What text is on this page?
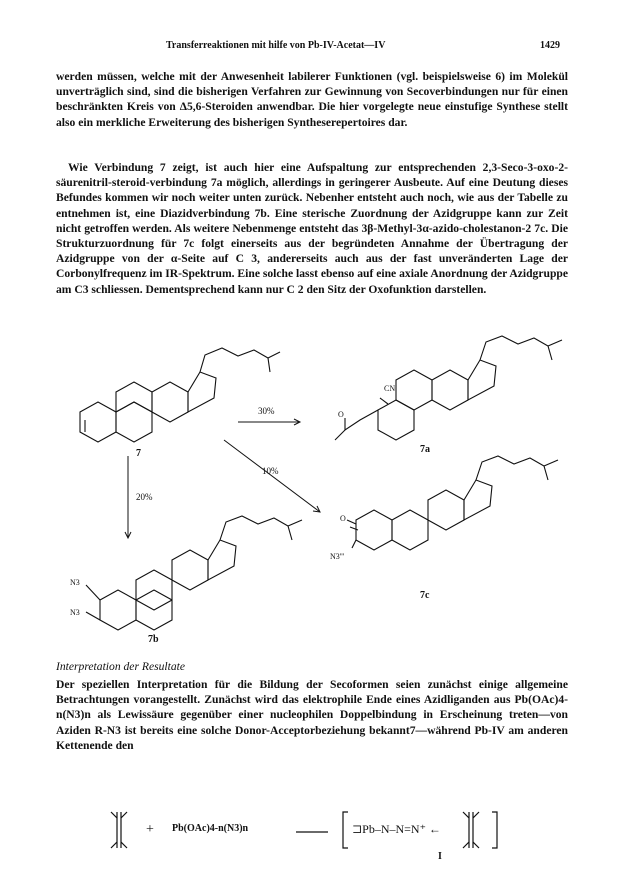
Transferreaktionen mit hilfe von Pb-IV-Acetat—IV	1429

werden müssen, welche mit der Anwesenheit labilerer Funktionen (vgl. beispielsweise 6) im Molekül unverträglich sind, sind die bisherigen Verfahren zur Gewinnung von Secoverbindungen nur für einen beschränkten Kreis von Δ5,6-Steroiden anwendbar. Die hier vorgelegte neue einstufige Synthese stellt also ein merkliche Erweiterung des bisherigen Syntheserepertoires dar.

Wie Verbindung 7 zeigt, ist auch hier eine Aufspaltung zur entsprechenden 2,3-Seco-3-oxo-2-säurenitril-steroid-verbindung 7a möglich, allerdings in geringerer Ausbeute. Auf eine Deutung dieses Befundes kommen wir noch weiter unten zurück. Nebenher entsteht auch noch, wie aus der Tabelle zu entnehmen ist, eine Diazidverbindung 7b. Eine sterische Zuordnung der Azidgruppe kann zur Zeit nicht getroffen werden. Als weitere Nebenmenge entsteht das 3β-Methyl-3α-azido-cholestanon-2 7c. Die Strukturzuordnung für 7c folgt einerseits aus der begründeten Annahme der Übertragung der Azidgruppe von der α-Seite auf C 3, andererseits auch aus der fast unveränderten Lage der Corbonylfrequenz im IR-Spektrum. Eine solche lasst ebenso auf eine axiale Anordnung der Azidgruppe am C3 schliessen. Dementsprechend kann nur C 2 den Sitz der Oxofunktion darstellen.

7	7a
7b
7c
30%
10%
20%
CN
O
N3
N3
O
N3'''
Interpretation der Resultate

Der speziellen Interpretation für die Bildung der Secoformen seien zunächst einige allgemeine Betrachtungen vorangestellt. Zunächst wird das elektrophile Ende eines Azidliganden aus Pb(OAc)4-n(N3)n als Lewissäure gegenüber einer nucleophilen Doppelbindung in Erscheinung treten—von Aziden R-N3 ist bereits eine solche Donor-Acceptorbeziehung bekannt7—während Pb-IV am anderen Kettenende den

+ Pb(OAc)4-n(N3)n	⊐Pb–N–N=N⁺ ←
I
